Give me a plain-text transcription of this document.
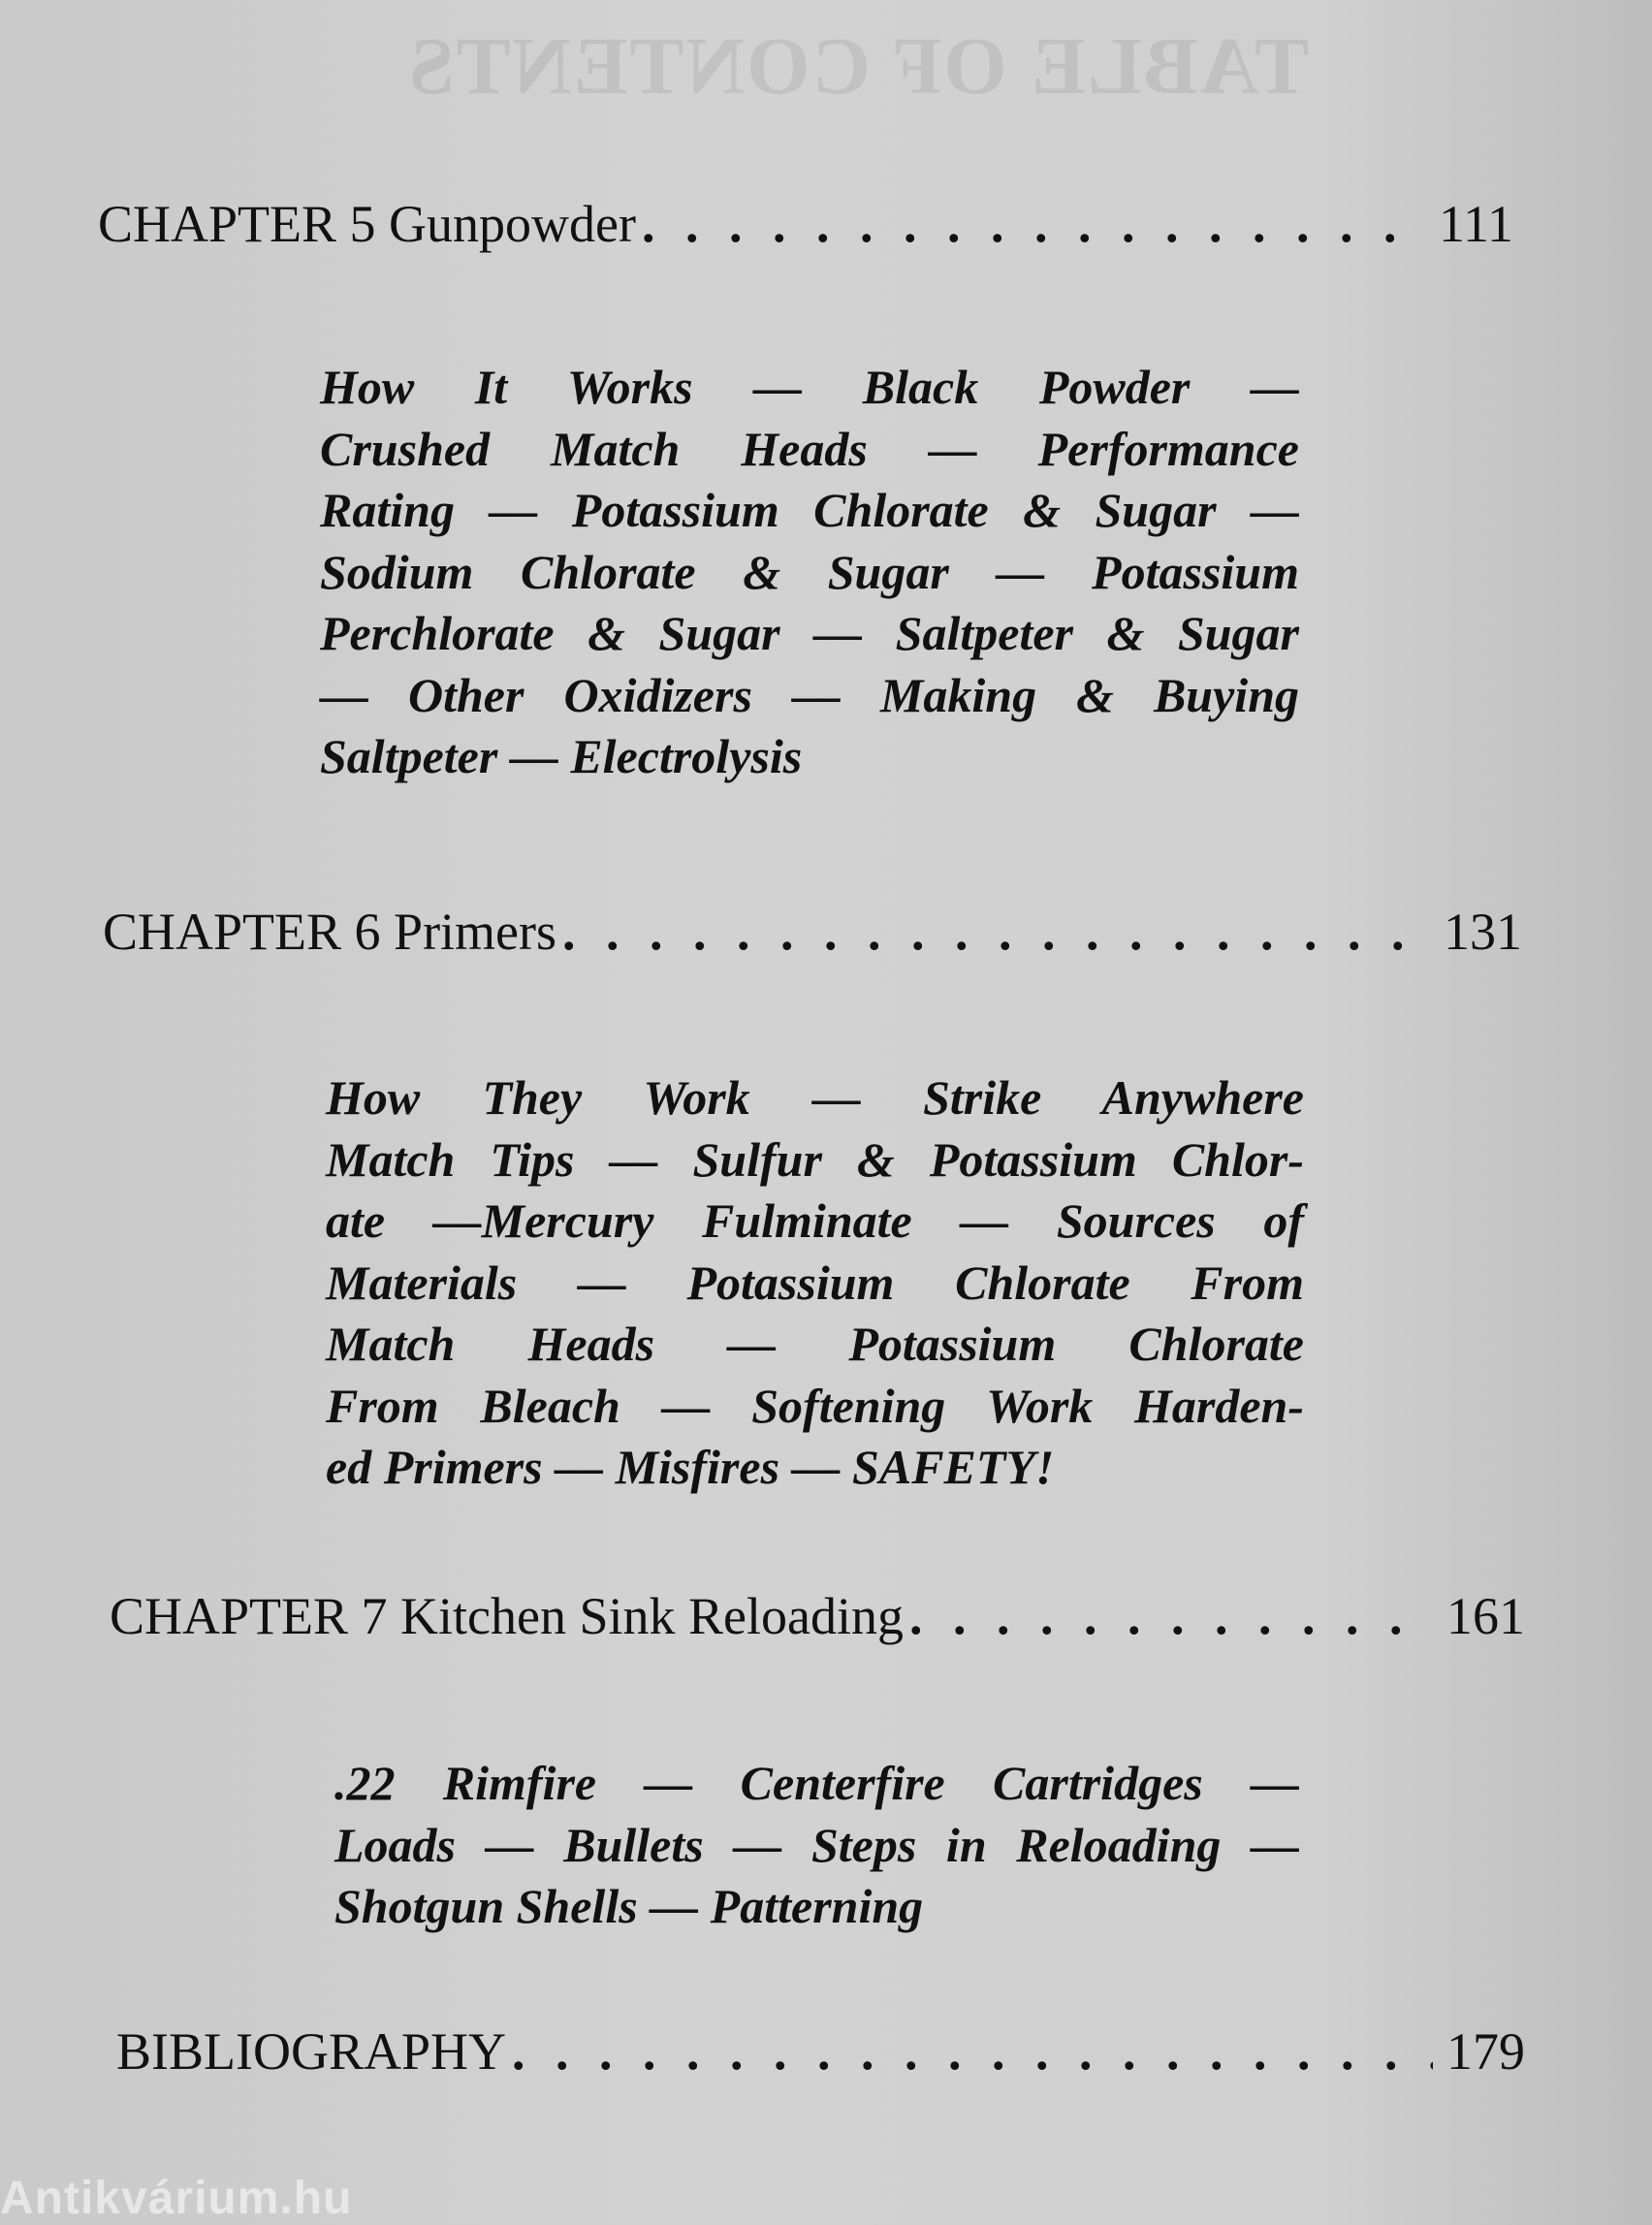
TABLE OF CONTENTS
CHAPTER 5 Gunpowder . . .	111
How It Works — Black Powder —
Crushed Match Heads — Performance
Rating — Potassium Chlorate & Sugar —
Sodium Chlorate & Sugar — Potassium
Perchlorate & Sugar — Saltpeter & Sugar
— Other Oxidizers — Making & Buying
Saltpeter — Electrolysis
CHAPTER 6 Primers . . .	131
How They Work — Strike Anywhere
Match Tips — Sulfur & Potassium Chlor-
ate —Mercury Fulminate — Sources of
Materials — Potassium Chlorate From
Match Heads — Potassium Chlorate
From Bleach — Softening Work Harden-
ed Primers — Misfires — SAFETY!
CHAPTER 7 Kitchen Sink Reloading . . .	161
.22 Rimfire — Centerfire Cartridges —
Loads — Bullets — Steps in Reloading —
Shotgun Shells — Patterning
BIBLIOGRAPHY . . .	179
Antikvárium.hu
